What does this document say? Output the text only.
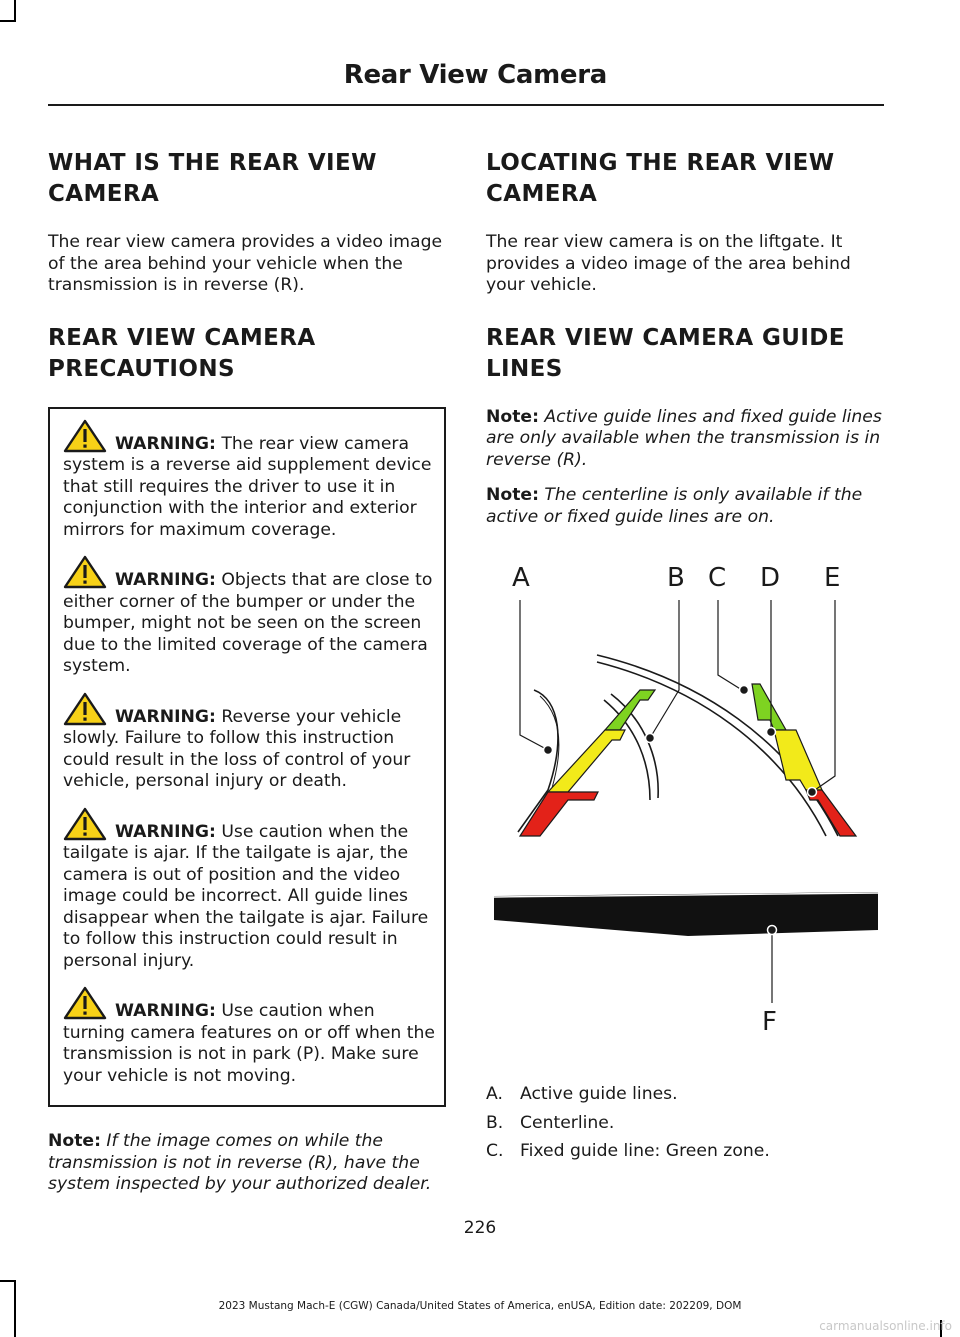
Rear View Camera
WHAT IS THE REAR VIEW CAMERA

The rear view camera provides a video image of the area behind your vehicle when the transmission is in reverse (R).

REAR VIEW CAMERA PRECAUTIONS
WARNING: The rear view camera system is a reverse aid supplement device that still requires the driver to use it in conjunction with the interior and exterior mirrors for maximum coverage.
WARNING: Objects that are close to either corner of the bumper or under the bumper, might not be seen on the screen due to the limited coverage of the camera system.
WARNING: Reverse your vehicle slowly. Failure to follow this instruction could result in the loss of control of your vehicle, personal injury or death.
WARNING: Use caution when the tailgate is ajar. If the tailgate is ajar, the camera is out of position and the video image could be incorrect. All guide lines disappear when the tailgate is ajar. Failure to follow this instruction could result in personal injury.
WARNING: Use caution when turning camera features on or off when the transmission is not in park (P). Make sure your vehicle is not moving.

Note: If the image comes on while the transmission is not in reverse (R), have the system inspected by your authorized dealer.

LOCATING THE REAR VIEW CAMERA

The rear view camera is on the liftgate. It provides a video image of the area behind your vehicle.

REAR VIEW CAMERA GUIDE LINES

Note: Active guide lines and fixed guide lines are only available when the transmission is in reverse (R).

Note: The centerline is only available if the active or fixed guide lines are on.

A	B C D E
F
A. Active guide lines.
B. Centerline.
C. Fixed guide line: Green zone.
226
2023 Mustang Mach-E (CGW) Canada/United States of America, enUSA, Edition date: 202209, DOM
carmanualsonline.info
